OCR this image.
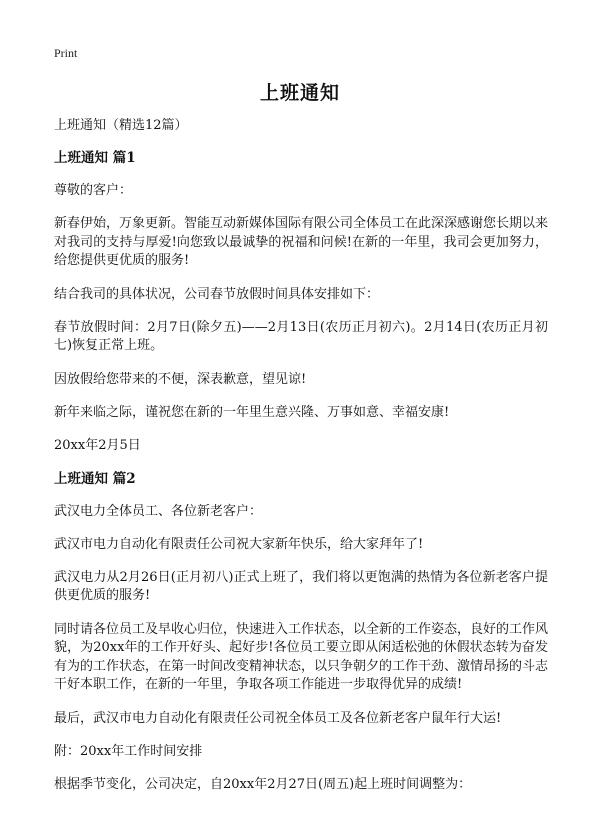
Print
上班通知

上班通知（精选12篇）

上班通知 篇1

尊敬的客户：

新春伊始，万象更新。智能互动新媒体国际有限公司全体员工在此深深感谢您长期以来对我司的支持与厚爱!向您致以最诚挚的祝福和问候!在新的一年里，我司会更加努力，给您提供更优质的服务!

结合我司的具体状况，公司春节放假时间具体安排如下：

春节放假时间：2月7日(除夕五)——2月13日(农历正月初六)。2月14日(农历正月初七)恢复正常上班。

因放假给您带来的不便，深表歉意，望见谅!

新年来临之际，谨祝您在新的一年里生意兴隆、万事如意、幸福安康!

20xx年2月5日

上班通知 篇2

武汉电力全体员工、各位新老客户：

武汉市电力自动化有限责任公司祝大家新年快乐，给大家拜年了!

武汉电力从2月26日(正月初八)正式上班了，我们将以更饱满的热情为各位新老客户提供更优质的服务!

同时请各位员工及早收心归位，快速进入工作状态，以全新的工作姿态，良好的工作风貌，为20xx年的工作开好头、起好步!各位员工要立即从闲适松弛的休假状态转为奋发有为的工作状态，在第一时间改变精神状态，以只争朝夕的工作干劲、激情昂扬的斗志干好本职工作，在新的一年里，争取各项工作能进一步取得优异的成绩!

最后，武汉市电力自动化有限责任公司祝全体员工及各位新老客户鼠年行大运!

附：20xx年工作时间安排

根据季节变化，公司决定，自20xx年2月27日(周五)起上班时间调整为：
